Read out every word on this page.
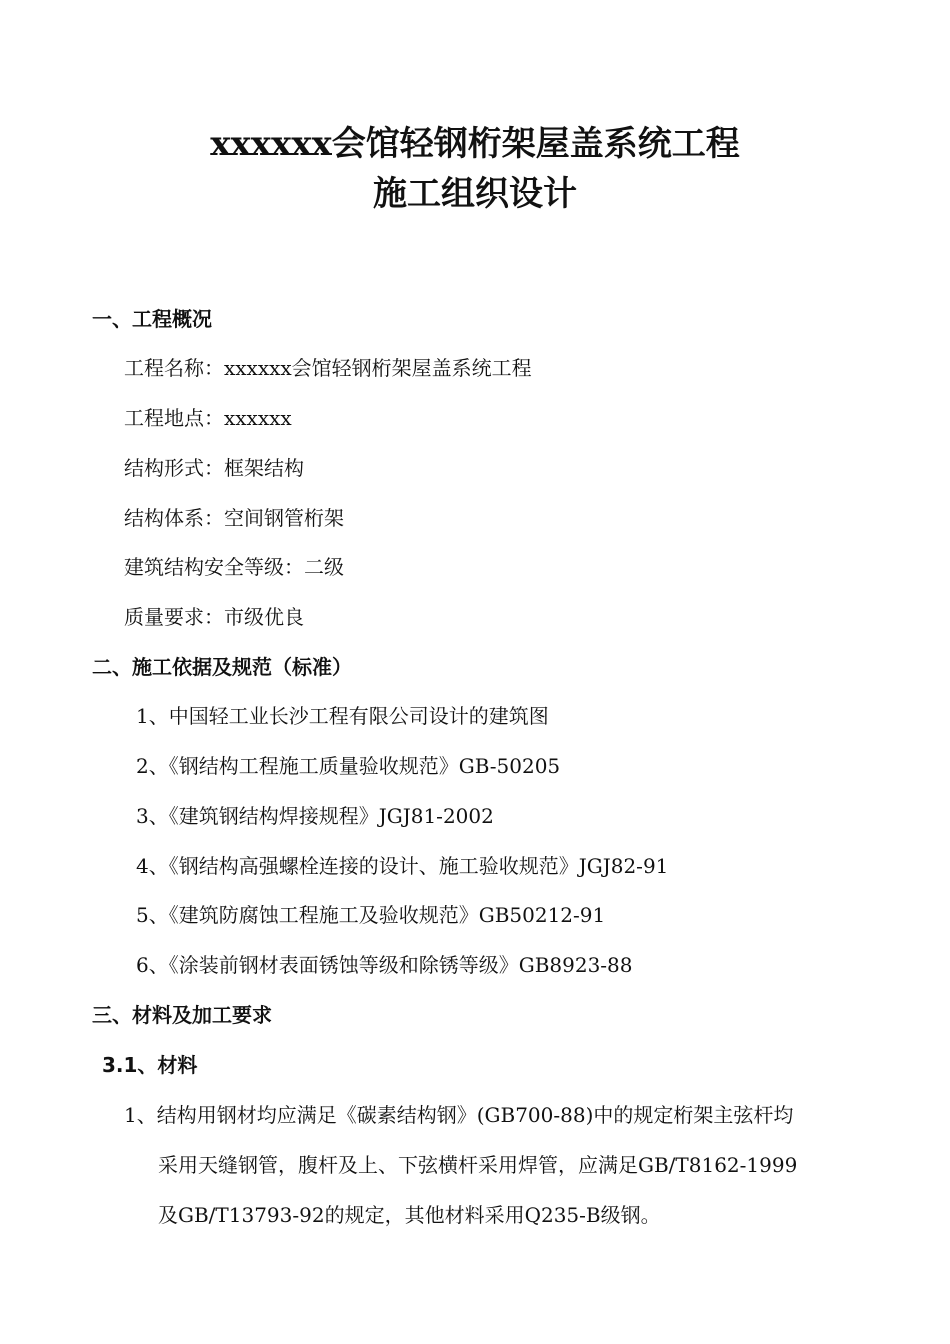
xxxxxx会馆轻钢桁架屋盖系统工程
施工组织设计
一、工程概况
工程名称：xxxxxx会馆轻钢桁架屋盖系统工程
工程地点：xxxxxx
结构形式：框架结构
结构体系：空间钢管桁架
建筑结构安全等级：二级
质量要求：市级优良
二、施工依据及规范（标准）
1、中国轻工业长沙工程有限公司设计的建筑图
2、《钢结构工程施工质量验收规范》GB-50205
3、《建筑钢结构焊接规程》JGJ81-2002
4、《钢结构高强螺栓连接的设计、施工验收规范》JGJ82-91
5、《建筑防腐蚀工程施工及验收规范》GB50212-91
6、《涂装前钢材表面锈蚀等级和除锈等级》GB8923-88
三、材料及加工要求
3.1、材料
1、结构用钢材均应满足《碳素结构钢》(GB700-88)中的规定桁架主弦杆均
采用天缝钢管，腹杆及上、下弦横杆采用焊管，应满足GB/T8162-1999
及GB/T13793-92的规定，其他材料采用Q235-B级钢。
